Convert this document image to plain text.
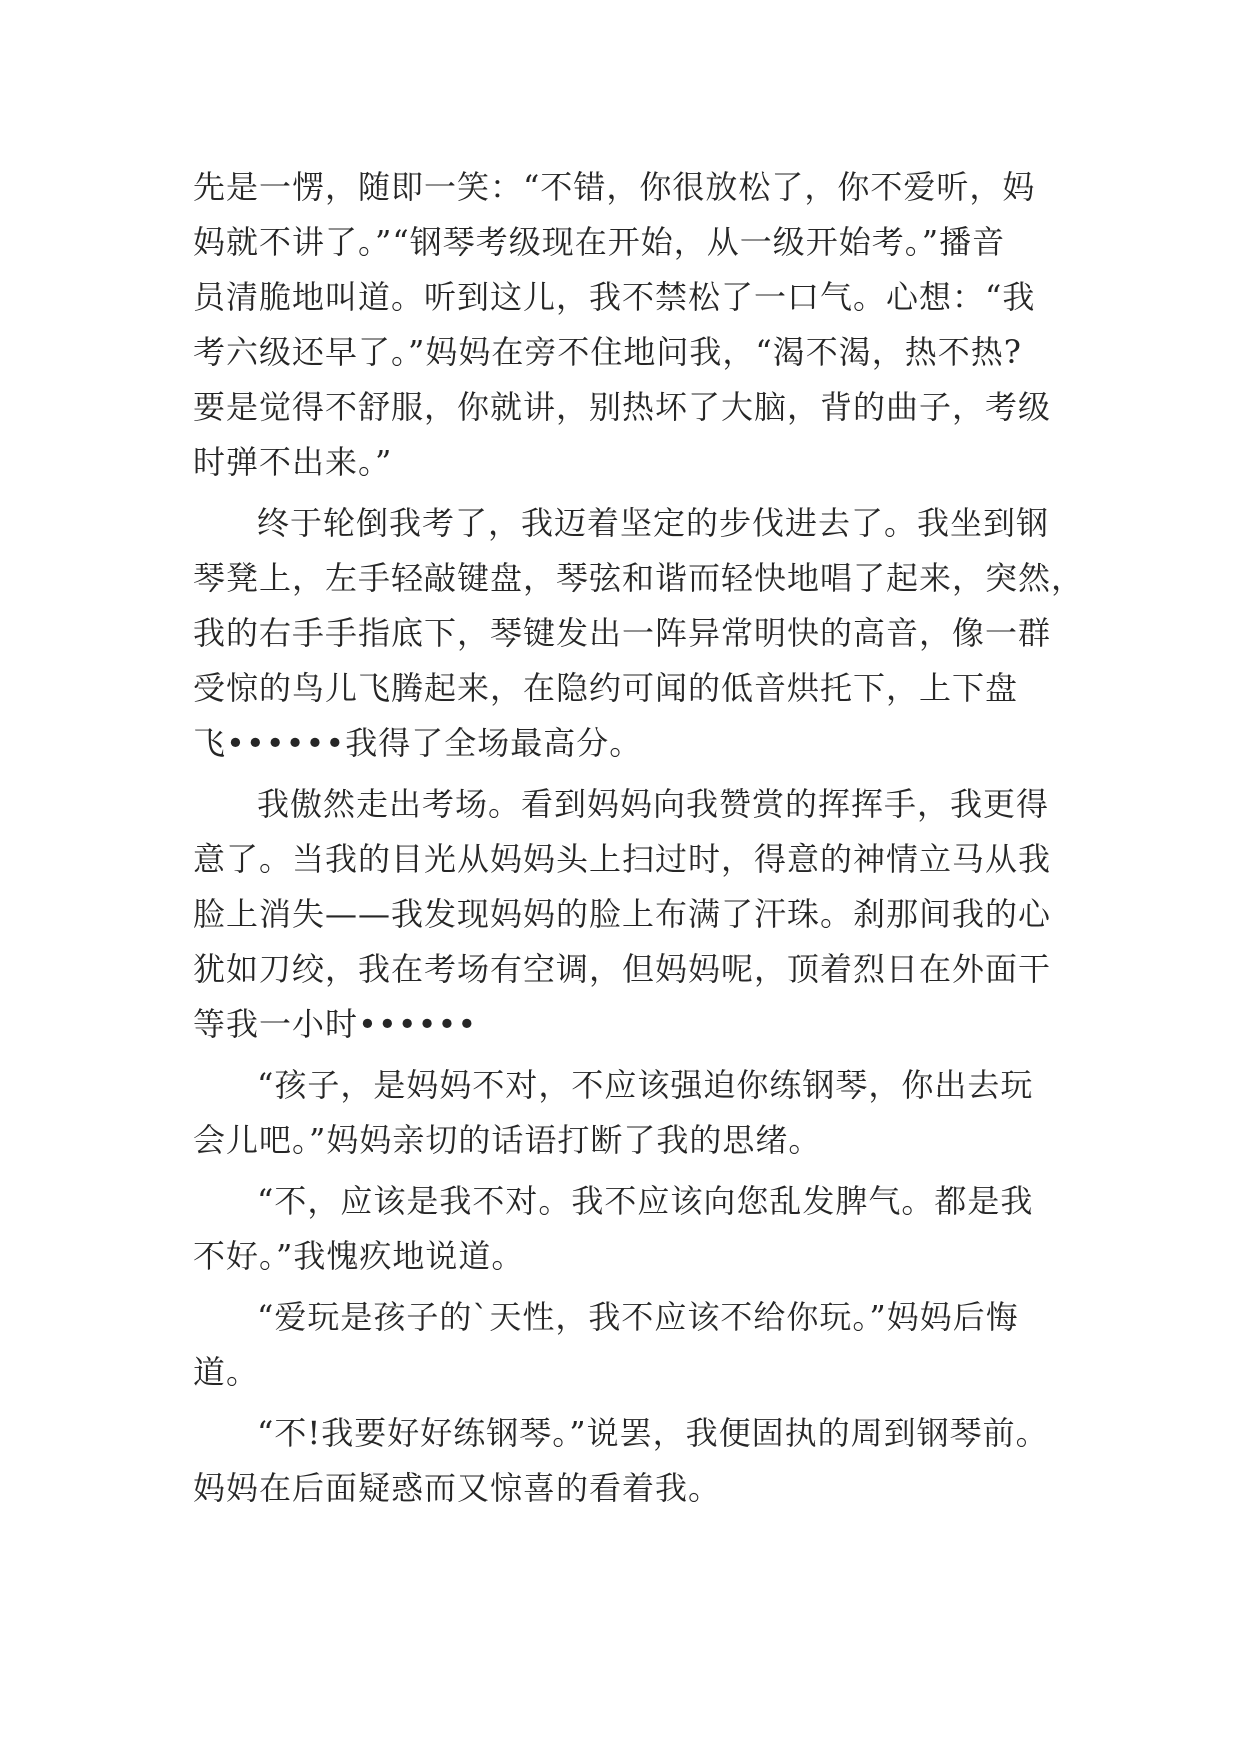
先是一愣，随即一笑：“不错，你很放松了，你不爱听，妈
妈就不讲了。”“钢琴考级现在开始，从一级开始考。”播音
员清脆地叫道。听到这儿，我不禁松了一口气。心想：“我
考六级还早了。”妈妈在旁不住地问我，“渴不渴，热不热?
要是觉得不舒服，你就讲，别热坏了大脑，背的曲子，考级
时弹不出来。”
终于轮倒我考了，我迈着坚定的步伐进去了。我坐到钢
琴凳上，左手轻敲键盘，琴弦和谐而轻快地唱了起来，突然，
我的右手手指底下，琴键发出一阵异常明快的高音，像一群
受惊的鸟儿飞腾起来，在隐约可闻的低音烘托下，上下盘
飞••••••我得了全场最高分。
我傲然走出考场。看到妈妈向我赞赏的挥挥手，我更得
意了。当我的目光从妈妈头上扫过时，得意的神情立马从我
脸上消失——我发现妈妈的脸上布满了汗珠。刹那间我的心
犹如刀绞，我在考场有空调，但妈妈呢，顶着烈日在外面干
等我一小时••••••
“孩子，是妈妈不对，不应该强迫你练钢琴，你出去玩
会儿吧。”妈妈亲切的话语打断了我的思绪。
“不，应该是我不对。我不应该向您乱发脾气。都是我
不好。”我愧疚地说道。
“爱玩是孩子的`天性，我不应该不给你玩。”妈妈后悔
道。
“不!我要好好练钢琴。”说罢，我便固执的周到钢琴前。
妈妈在后面疑惑而又惊喜的看着我。
